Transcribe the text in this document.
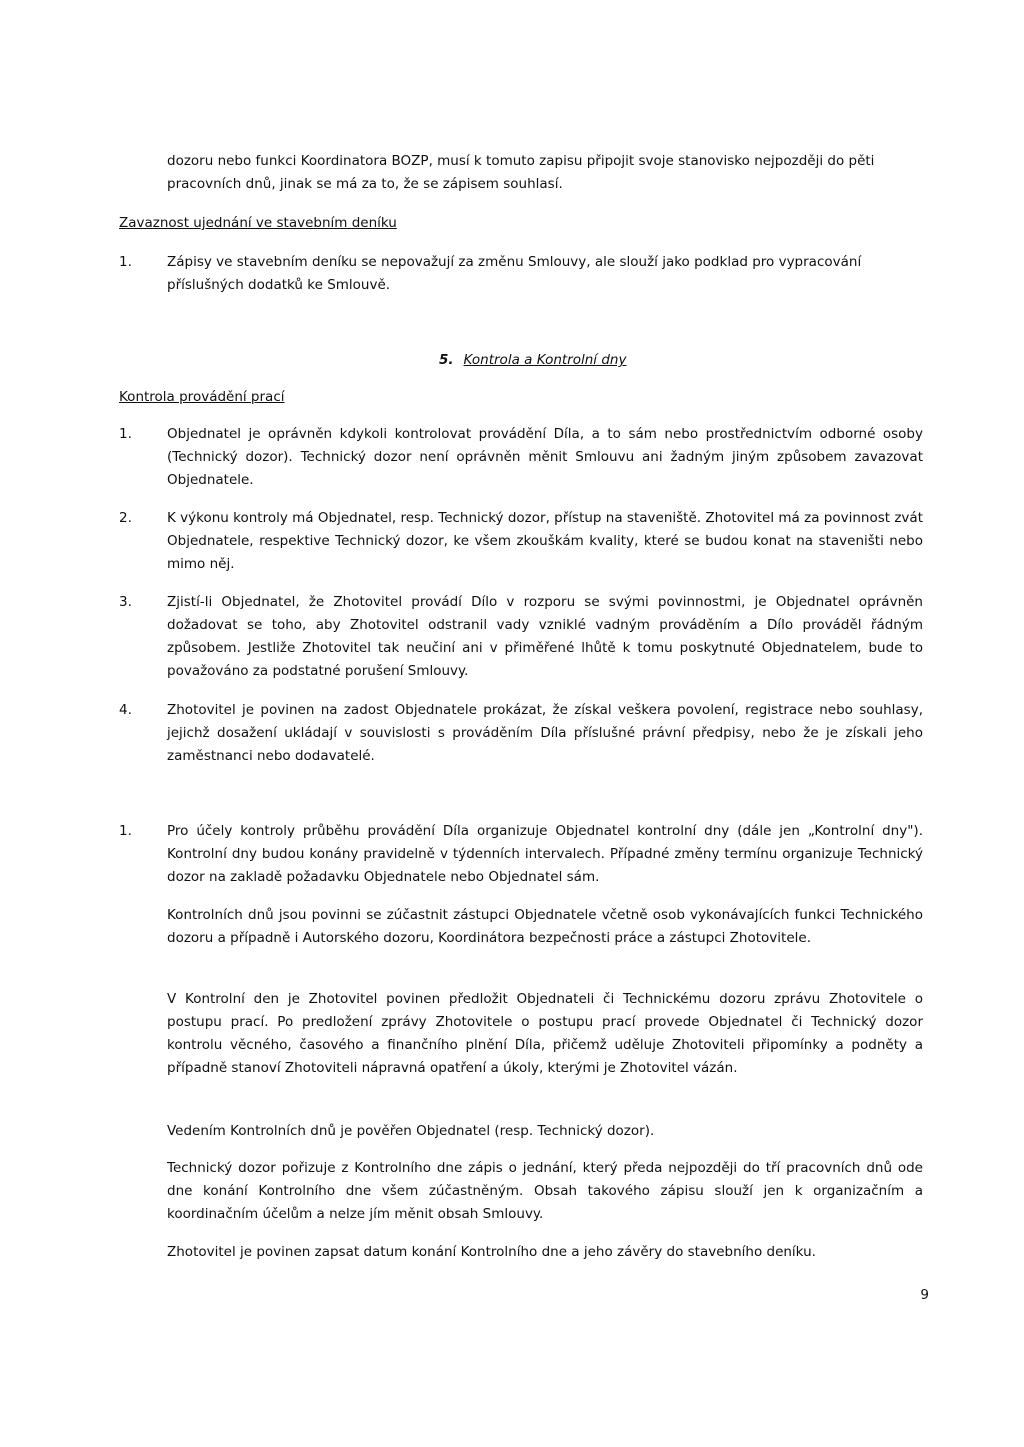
dozoru nebo funkci Koordinatora BOZP, musí k tomuto zapisu připojit svoje stanovisko nejpozději do pěti pracovních dnů, jinak se má za to, že se zápisem souhlasí.
Zavaznost ujednání ve stavebním deníku
1.	Zápisy ve stavebním deníku se nepovažují za změnu Smlouvy, ale slouží jako podklad pro vypracování příslušných dodatků ke Smlouvě.
5. Kontrola a Kontrolní dny
Kontrola provádění prací
1.	Objednatel je oprávněn kdykoli kontrolovat provádění Díla, a to sám nebo prostřednictvím odborné osoby (Technický dozor). Technický dozor není oprávněn měnit Smlouvu ani žadným jiným způsobem zavazovat Objednatele.
2.	K výkonu kontroly má Objednatel, resp. Technický dozor, přístup na staveniště. Zhotovitel má za povinnost zvát Objednatele, respektive Technický dozor, ke všem zkouškám kvality, které se budou konat na staveništi nebo mimo něj.
3.	Zjistí-li Objednatel, že Zhotovitel provádí Dílo v rozporu se svými povinnostmi, je Objednatel oprávněn dožadovat se toho, aby Zhotovitel odstranil vady vzniklé vadným prováděním a Dílo prováděl řádným způsobem. Jestliže Zhotovitel tak neučiní ani v přiměřené lhůtě k tomu poskytnuté Objednatelem, bude to považováno za podstatné porušení Smlouvy.
4.	Zhotovitel je povinen na zadost Objednatele prokázat, že získal veškera povolení, registrace nebo souhlasy, jejichž dosažení ukládají v souvislosti s prováděním Díla příslušné právní předpisy, nebo že je získali jeho zaměstnanci nebo dodavatelé.
1.	Pro účely kontroly průběhu provádění Díla organizuje Objednatel kontrolní dny (dále jen „Kontrolní dny"). Kontrolní dny budou konány pravidelně v týdenních intervalech. Případné změny termínu organizuje Technický dozor na zakladě požadavku Objednatele nebo Objednatel sám.
Kontrolních dnů jsou povinni se zúčastnit zástupci Objednatele včetně osob vykonávajících funkci Technického dozoru a případně i Autorského dozoru, Koordinátora bezpečnosti práce a zástupci Zhotovitele.
V Kontrolní den je Zhotovitel povinen předložit Objednateli či Technickému dozoru zprávu Zhotovitele o postupu prací. Po predložení zprávy Zhotovitele o postupu prací provede Objednatel či Technický dozor kontrolu věcného, časového a finančního plnění Díla, přičemž uděluje Zhotoviteli připomínky a podněty a případně stanoví Zhotoviteli nápravná opatření a úkoly, kterými je Zhotovitel vázán.
Vedením Kontrolních dnů je pověřen Objednatel (resp. Technický dozor).
Technický dozor pořizuje z Kontrolního dne zápis o jednání, který předa nejpozději do tří pracovních dnů ode dne konání Kontrolního dne všem zúčastněným. Obsah takového zápisu slouží jen k organizačním a koordinačním účelům a nelze jím měnit obsah Smlouvy.
Zhotovitel je povinen zapsat datum konání Kontrolního dne a jeho závěry do stavebního deníku.
9
